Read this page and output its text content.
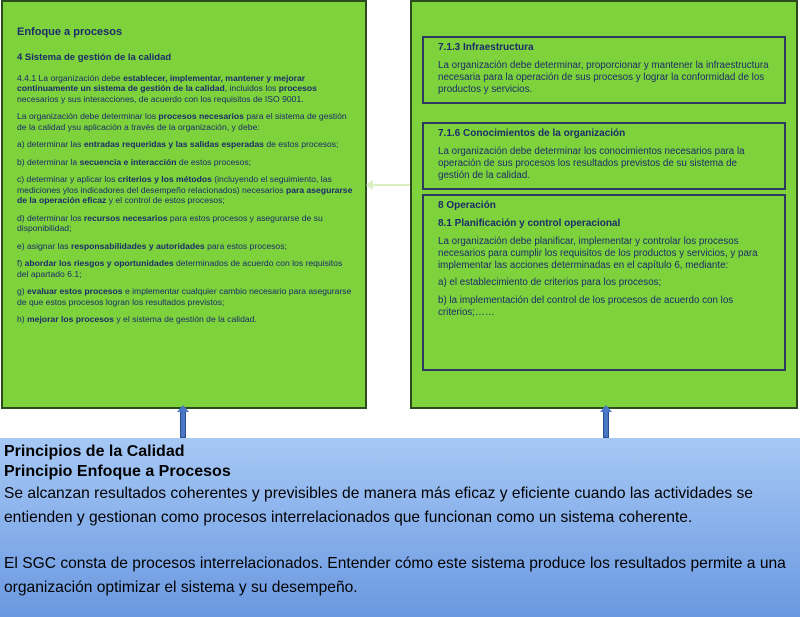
Enfoque a procesos
4 Sistema de gestión de la calidad

4.4.1 La organización debe establecer, implementar, mantener y mejorar continuamente un sistema de gestión de la calidad, incluidos los procesos necesarios y sus interacciones, de acuerdo con los requisitos de ISO 9001.

La organización debe determinar los procesos necesarios para el sistema de gestión de la calidad ysu aplicación a través de la organización, y debe:

a) determinar las entradas requeridas y las salidas esperadas de estos procesos;

b) determinar la secuencia e interacción de estos procesos;

c) determinar y aplicar los criterios y los métodos (incluyendo el seguimiento, las mediciones ylos indicadores del desempeño relacionados) necesarios para asegurarse de la operación eficaz y el control de estos procesos;

d) determinar los recursos necesarios para estos procesos y asegurarse de su disponibilidad;

e) asignar las responsabilidades y autoridades para estos procesos;

f) abordar los riesgos y oportunidades determinados de acuerdo con los requisitos del apartado 6.1;

g) evaluar estos procesos e implementar cualquier cambio necesario para asegurarse de que estos procesos logran los resultados previstos;

h) mejorar los procesos y el sistema de gestión de la calidad.

7.1.3 Infraestructura

La organización debe determinar, proporcionar y mantener la infraestructura necesaria para la operación de sus procesos y lograr la conformidad de los productos y servicios.

7.1.6 Conocimientos de la organización

La organización debe determinar los conocimientos necesarios para la operación de sus procesos los resultados previstos de su sistema de gestión de la calidad.

8 Operación
8.1 Planificación y control operacional

La organización debe planificar, implementar y controlar los procesos necesarios para cumplir los requisitos de los productos y servicios, y para implementar las acciones determinadas en el capítulo 6, mediante:

a) el establecimiento de criterios para los procesos;

b) la implementación del control de los procesos de acuerdo con los criterios;……

Principios de la Calidad
Principio Enfoque a Procesos
Se alcanzan resultados coherentes y previsibles de manera más eficaz y eficiente cuando las actividades se entienden y gestionan como procesos interrelacionados que funcionan como un sistema coherente.
El SGC consta de procesos interrelacionados. Entender cómo este sistema produce los resultados permite a una organización optimizar el sistema y su desempeño.
